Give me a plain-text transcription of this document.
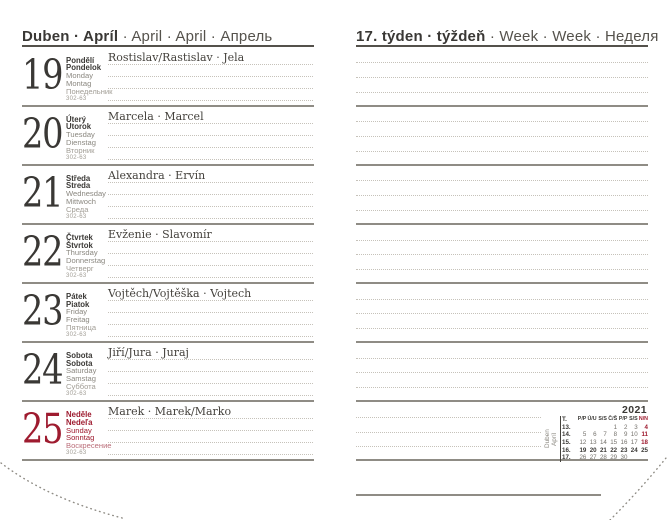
Duben · Apríl · April · April · Апрель
19 Pondělí
Pondelok
Monday
Montag
Понедельник
302-63
Rostislav/Rastislav · Jela
20 Úterý
Utorok
Tuesday
Dienstag
Вторник
302-63
Marcela · Marcel
21 Středa
Streda
Wednesday
Mittwoch
Среда
302-63
Alexandra · Ervín
22 Čtvrtek
Štvrtok
Thursday
Donnerstag
Четверг
302-63
Evženie · Slavomír
23 Pátek
Piatok
Friday
Freitag
Пятница
302-63
Vojtěch/Vojtěška · Vojtech
24 Sobota
Sobota
Saturday
Samstag
Суббота
302-63
Jiří/Jura · Juraj
25 Neděle
Nedeľa
Sunday
Sonntag
Воскресение
302-63
Marek · Marek/Marko
17. týden · týždeň · Week · Week · Неделя
2021
Duben Apríl
T.	P/P	Ú/U	S/S	Č/Š	P/P	S/S	N/N
13.				1	2	3	4
14.	5	6	7	8	9	10	11
15.	12	13	14	15	16	17	18
16.	19	20	21	22	23	24	25
17.	26	27	28	29	30		
